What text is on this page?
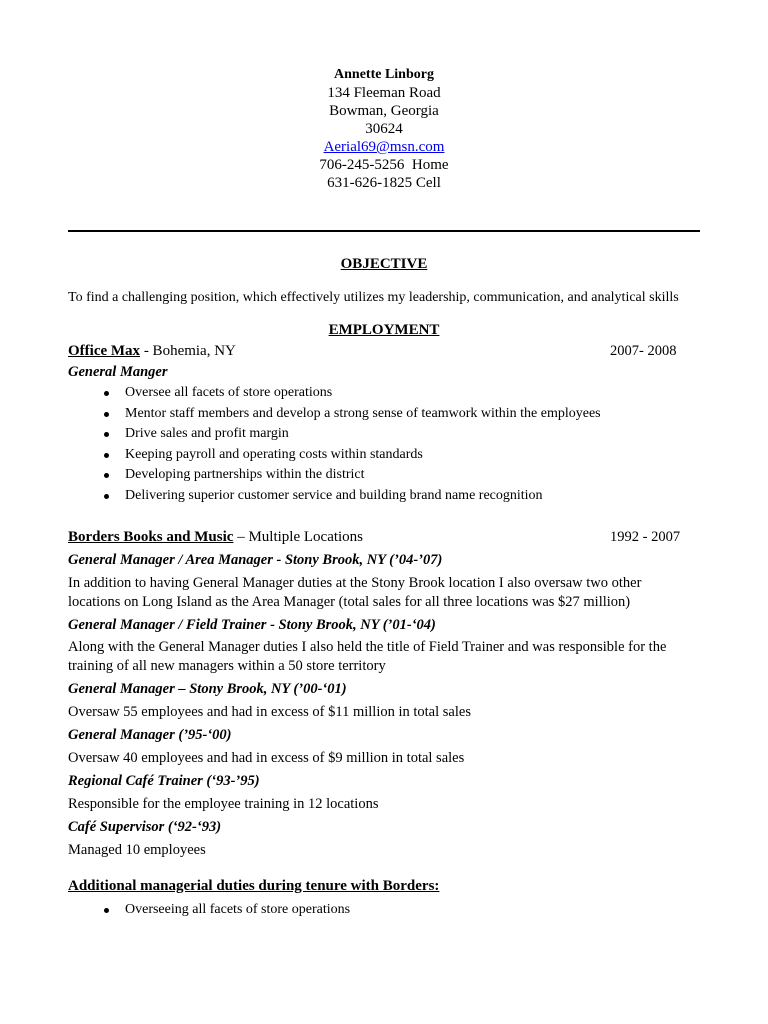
Annette Linborg
134 Fleeman Road
Bowman, Georgia
30624
Aerial69@msn.com
706-245-5256  Home
631-626-1825 Cell
OBJECTIVE
To find a challenging position, which effectively utilizes my leadership, communication, and analytical skills
EMPLOYMENT
Office Max - Bohemia, NY	2007- 2008
General Manger
Oversee all facets of store operations
Mentor staff members and develop a strong sense of teamwork within the employees
Drive sales and profit margin
Keeping payroll and operating costs within standards
Developing partnerships within the district
Delivering superior customer service and building brand name recognition
Borders Books and Music – Multiple Locations	1992 - 2007
General Manager / Area Manager - Stony Brook, NY (’04-’07)
In addition to having General Manager duties at the Stony Brook location I also oversaw two other
locations on Long Island as the Area Manager (total sales for all three locations was $27 million)
General Manager / Field Trainer - Stony Brook, NY (’01-‘04)
Along with the General Manager duties I also held the title of Field Trainer and was responsible for the
training of all new managers within a 50 store territory
General Manager – Stony Brook, NY (’00-‘01)
Oversaw 55 employees and had in excess of $11 million in total sales
General Manager (’95-‘00)
Oversaw 40 employees and had in excess of $9 million in total sales
Regional Café Trainer (‘93-’95)
Responsible for the employee training in 12 locations
Café Supervisor (‘92-‘93)
Managed 10 employees
Additional managerial duties during tenure with Borders:
Overseeing all facets of store operations
